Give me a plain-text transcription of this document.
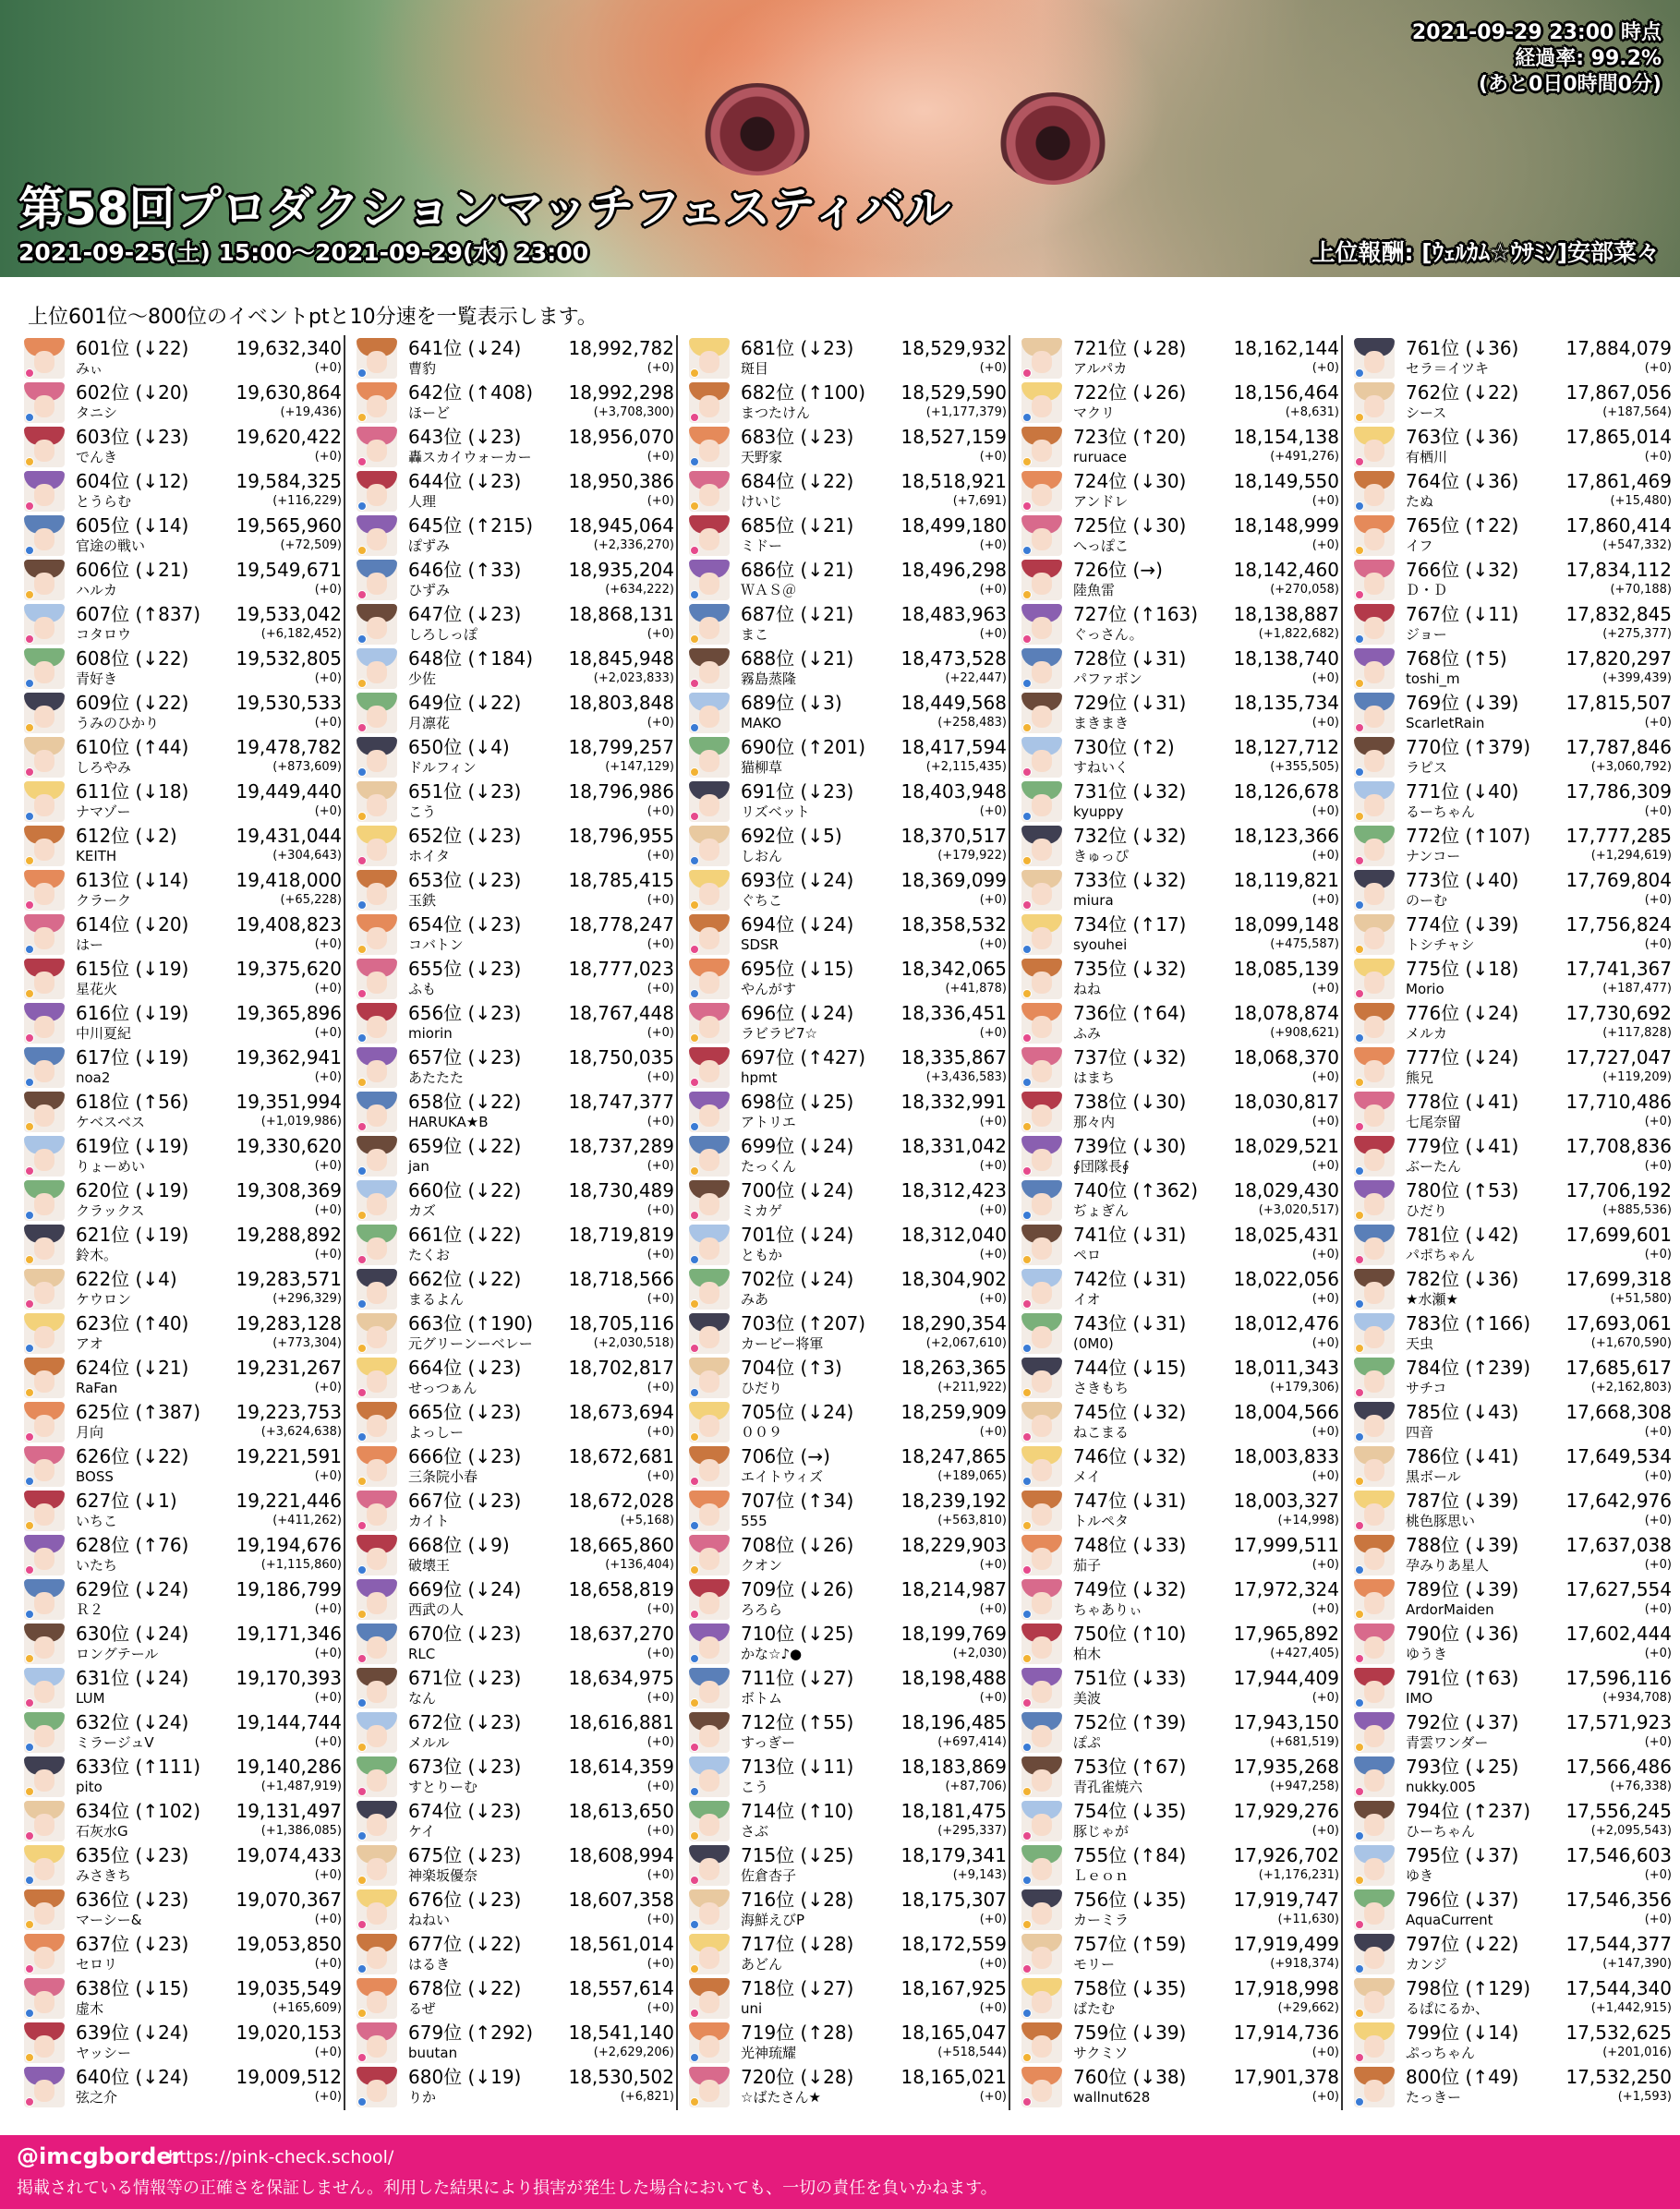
2021-09-29 23:00 時点
経過率: 99.2%
(あと0日0時間0分)
第58回プロダクションマッチフェスティバル
2021-09-25(土) 15:00〜2021-09-29(水) 23:00	上位報酬: [ｳｪﾙｶﾑ☆ｳｻﾐﾝ]安部菜々
上位601位〜800位のイベントptと10分速を一覧表示します。
601位 (↓22)	19,632,340
みぃ	(+0)
602位 (↓20)	19,630,864
タニシ	(+19,436)
603位 (↓23)	19,620,422
でんき	(+0)
604位 (↓12)	19,584,325
とうらむ	(+116,229)
605位 (↓14)	19,565,960
官途の戦い	(+72,509)
606位 (↓21)	19,549,671
ハルカ	(+0)
607位 (↑837) 19,533,042
コタロウ	(+6,182,452)
608位 (↓22)	19,532,805
青好き	(+0)
609位 (↓22)	19,530,533
うみのひかり	(+0)
610位 (↑44)	19,478,782
しろやみ	(+873,609)
611位 (↓18)	19,449,440
ナマゾー	(+0)
612位 (↓2)	19,431,044
KEITH	(+304,643)
613位 (↓14)	19,418,000
クラーク	(+65,228)
614位 (↓20)	19,408,823
はー	(+0)
615位 (↓19)	19,375,620
星花火	(+0)
616位 (↓19)	19,365,896
中川夏紀	(+0)
617位 (↓19)	19,362,941
noa2	(+0)
618位 (↑56)	19,351,994
ケベスベス	(+1,019,986)
619位 (↓19)	19,330,620
りょーめい	(+0)
620位 (↓19)	19,308,369
クラックス	(+0)
621位 (↓19)	19,288,892
鈴木。	(+0)
622位 (↓4)	19,283,571
ケウロン	(+296,329)
623位 (↑40)	19,283,128
アオ	(+773,304)
624位 (↓21)	19,231,267
RaFan	(+0)
625位 (↑387) 19,223,753
月向	(+3,624,638)
626位 (↓22)	19,221,591
BOSS	(+0)
627位 (↓1)	19,221,446
いちこ	(+411,262)
628位 (↑76)	19,194,676
いたち	(+1,115,860)
629位 (↓24)	19,186,799
Ｒ２	(+0)
630位 (↓24)	19,171,346
ロングテール	(+0)
631位 (↓24)	19,170,393
LUM	(+0)
632位 (↓24)	19,144,744
ミラージュV	(+0)
633位 (↑111) 19,140,286
pito	(+1,487,919)
634位 (↑102) 19,131,497
石灰水G	(+1,386,085)
635位 (↓23)	19,074,433
みさきち	(+0)
636位 (↓23)	19,070,367
マーシー&	(+0)
637位 (↓23)	19,053,850
セロリ	(+0)
638位 (↓15)	19,035,549
虚木	(+165,609)
639位 (↓24)	19,020,153
ヤッシー	(+0)
640位 (↓24)	19,009,512
弦之介	(+0)
641位 (↓24)	18,992,782
曹豹	(+0)
642位 (↑408) 18,992,298
ほーど	(+3,708,300)
643位 (↓23)	18,956,070
轟スカイウォーカー	(+0)
644位 (↓23)	18,950,386
人理	(+0)
645位 (↑215) 18,945,064
ぽずみ	(+2,336,270)
646位 (↑33)	18,935,204
ひずみ	(+634,222)
647位 (↓23)	18,868,131
しろしっぽ	(+0)
648位 (↑184) 18,845,948
少佐	(+2,023,833)
649位 (↓22)	18,803,848
月凛花	(+0)
650位 (↓4)	18,799,257
ドルフィン	(+147,129)
651位 (↓23)	18,796,986
こう	(+0)
652位 (↓23)	18,796,955
ホイタ	(+0)
653位 (↓23)	18,785,415
玉鉄	(+0)
654位 (↓23)	18,778,247
コバトン	(+0)
655位 (↓23)	18,777,023
ふも	(+0)
656位 (↓23)	18,767,448
miorin	(+0)
657位 (↓23)	18,750,035
あたたた	(+0)
658位 (↓22)	18,747,377
HARUKA★B	(+0)
659位 (↓22)	18,737,289
jan	(+0)
660位 (↓22)	18,730,489
カズ	(+0)
661位 (↓22)	18,719,819
たくお	(+0)
662位 (↓22)	18,718,566
まるよん	(+0)
663位 (↑190) 18,705,116
元グリーンーベレー	(+2,030,518)
664位 (↓23)	18,702,817
せっつぁん	(+0)
665位 (↓23)	18,673,694
よっしー	(+0)
666位 (↓23)	18,672,681
三条院小春	(+0)
667位 (↓23)	18,672,028
カイト	(+5,168)
668位 (↓9)	18,665,860
破壊王	(+136,404)
669位 (↓24)	18,658,819
西武の人	(+0)
670位 (↓23)	18,637,270
RLC	(+0)
671位 (↓23)	18,634,975
なん	(+0)
672位 (↓23)	18,616,881
メルル	(+0)
673位 (↓23)	18,614,359
すとりーむ	(+0)
674位 (↓23)	18,613,650
ケイ	(+0)
675位 (↓23)	18,608,994
神楽坂優奈	(+0)
676位 (↓23)	18,607,358
ねねい	(+0)
677位 (↓22)	18,561,014
はるき	(+0)
678位 (↓22)	18,557,614
るぜ	(+0)
679位 (↑292) 18,541,140
buutan	(+2,629,206)
680位 (↓19)	18,530,502
りか	(+6,821)
681位 (↓23)	18,529,932
斑目	(+0)
682位 (↑100) 18,529,590
まつたけん	(+1,177,379)
683位 (↓23)	18,527,159
天野家	(+0)
684位 (↓22)	18,518,921
けいじ	(+7,691)
685位 (↓21)	18,499,180
ミドー	(+0)
686位 (↓21)	18,496,298
ＷＡＳ＠	(+0)
687位 (↓21)	18,483,963
まこ	(+0)
688位 (↓21)	18,473,528
霧島蒸隆	(+22,447)
689位 (↓3)	18,449,568
MAKO	(+258,483)
690位 (↑201) 18,417,594
猫柳草	(+2,115,435)
691位 (↓23)	18,403,948
リズベット	(+0)
692位 (↓5)	18,370,517
しおん	(+179,922)
693位 (↓24)	18,369,099
ぐちこ	(+0)
694位 (↓24)	18,358,532
SDSR	(+0)
695位 (↓15)	18,342,065
やんがす	(+41,878)
696位 (↓24)	18,336,451
ラビラビ7☆	(+0)
697位 (↑427) 18,335,867
hpmt	(+3,436,583)
698位 (↓25)	18,332,991
アトリエ	(+0)
699位 (↓24)	18,331,042
たっくん	(+0)
700位 (↓24)	18,312,423
ミカゲ	(+0)
701位 (↓24)	18,312,040
ともか	(+0)
702位 (↓24)	18,304,902
みあ	(+0)
703位 (↑207) 18,290,354
カービー将軍	(+2,067,610)
704位 (↑3)	18,263,365
ひだり	(+211,922)
705位 (↓24)	18,259,909
００９	(+0)
706位 (→)	18,247,865
エイトウィズ	(+189,065)
707位 (↑34)	18,239,192
555	(+563,810)
708位 (↓26)	18,229,903
クオン	(+0)
709位 (↓26)	18,214,987
ろろら	(+0)
710位 (↓25)	18,199,769
かな☆♪●	(+2,030)
711位 (↓27)	18,198,488
ボトム	(+0)
712位 (↑55)	18,196,485
すっぎー	(+697,414)
713位 (↓11)	18,183,869
こう	(+87,706)
714位 (↑10)	18,181,475
さぶ	(+295,337)
715位 (↓25)	18,179,341
佐倉杏子	(+9,143)
716位 (↓28)	18,175,307
海鮮えびP	(+0)
717位 (↓28)	18,172,559
あどん	(+0)
718位 (↓27)	18,167,925
uni	(+0)
719位 (↑28)	18,165,047
光神琉耀	(+518,544)
720位 (↓28)	18,165,021
☆ばたさん★	(+0)
721位 (↓28)	18,162,144
アルパカ	(+0)
722位 (↓26)	18,156,464
マクリ	(+8,631)
723位 (↑20)	18,154,138
ruruace	(+491,276)
724位 (↓30)	18,149,550
アンドレ	(+0)
725位 (↓30)	18,148,999
へっぽこ	(+0)
726位 (→)	18,142,460
陸魚雷	(+270,058)
727位 (↑163) 18,138,887
ぐっさん。	(+1,822,682)
728位 (↓31)	18,138,740
パファボン	(+0)
729位 (↓31)	18,135,734
まきまき	(+0)
730位 (↑2)	18,127,712
すねいく	(+355,505)
731位 (↓32)	18,126,678
kyuppy	(+0)
732位 (↓32)	18,123,366
きゅっぴ	(+0)
733位 (↓32)	18,119,821
miura	(+0)
734位 (↑17)	18,099,148
syouhei	(+475,587)
735位 (↓32)	18,085,139
ねね	(+0)
736位 (↑64)	18,078,874
ふみ	(+908,621)
737位 (↓32)	18,068,370
はまち	(+0)
738位 (↓30)	18,030,817
那々内	(+0)
739位 (↓30)	18,029,521
∮団隊長∮	(+0)
740位 (↑362) 18,029,430
ぢょぎん	(+3,020,517)
741位 (↓31)	18,025,431
ペロ	(+0)
742位 (↓31)	18,022,056
イオ	(+0)
743位 (↓31)	18,012,476
(0M0)	(+0)
744位 (↓15)	18,011,343
さきもち	(+179,306)
745位 (↓32)	18,004,566
ねこまる	(+0)
746位 (↓32)	18,003,833
メイ	(+0)
747位 (↓31)	18,003,327
トルペタ	(+14,998)
748位 (↓33)	17,999,511
茄子	(+0)
749位 (↓32)	17,972,324
ちゃありぃ	(+0)
750位 (↑10)	17,965,892
柏木	(+427,405)
751位 (↓33)	17,944,409
美波	(+0)
752位 (↑39)	17,943,150
ぽぷ	(+681,519)
753位 (↑67)	17,935,268
青孔雀焼六	(+947,258)
754位 (↓35)	17,929,276
豚じゃが	(+0)
755位 (↑84)	17,926,702
Ｌｅｏｎ	(+1,176,231)
756位 (↓35)	17,919,747
カーミラ	(+11,630)
757位 (↑59)	17,919,499
モリー	(+918,374)
758位 (↓35)	17,918,998
ばたむ	(+29,662)
759位 (↓39)	17,914,736
サクミソ	(+0)
760位 (↓38)	17,901,378
wallnut628	(+0)
761位 (↓36)	17,884,079
セラ＝イツキ	(+0)
762位 (↓22)	17,867,056
シース	(+187,564)
763位 (↓36)	17,865,014
有栖川	(+0)
764位 (↓36)	17,861,469
たぬ	(+15,480)
765位 (↑22)	17,860,414
イフ	(+547,332)
766位 (↓32)	17,834,112
Ｄ・Ｄ	(+70,188)
767位 (↓11)	17,832,845
ジョー	(+275,377)
768位 (↑5)	17,820,297
toshi_m	(+399,439)
769位 (↓39)	17,815,507
ScarletRain	(+0)
770位 (↑379) 17,787,846
ラピス	(+3,060,792)
771位 (↓40)	17,786,309
るーちゃん	(+0)
772位 (↑107) 17,777,285
ナンコー	(+1,294,619)
773位 (↓40)	17,769,804
のーむ	(+0)
774位 (↓39)	17,756,824
トシチャシ	(+0)
775位 (↓18)	17,741,367
Morio	(+187,477)
776位 (↓24)	17,730,692
メルカ	(+117,828)
777位 (↓24)	17,727,047
熊兄	(+119,209)
778位 (↓41)	17,710,486
七尾奈留	(+0)
779位 (↓41)	17,708,836
ぶーたん	(+0)
780位 (↑53)	17,706,192
ひだり	(+885,536)
781位 (↓42)	17,699,601
パポちゃん	(+0)
782位 (↓36)	17,699,318
★水瀬★	(+51,580)
783位 (↑166) 17,693,061
天虫	(+1,670,590)
784位 (↑239) 17,685,617
サチコ	(+2,162,803)
785位 (↓43)	17,668,308
四音	(+0)
786位 (↓41)	17,649,534
黒ボール	(+0)
787位 (↓39)	17,642,976
桃色豚思い	(+0)
788位 (↓39)	17,637,038
孕みりあ星人	(+0)
789位 (↓39)	17,627,554
ArdorMaiden	(+0)
790位 (↓36)	17,602,444
ゆうき	(+0)
791位 (↑63)	17,596,116
IMO	(+934,708)
792位 (↓37)	17,571,923
青雲ワンダー	(+0)
793位 (↓25)	17,566,486
nukky.005	(+76,338)
794位 (↑237) 17,556,245
ひーちゃん	(+2,095,543)
795位 (↓37)	17,546,603
ゆき	(+0)
796位 (↓37)	17,546,356
AquaCurrent	(+0)
797位 (↓22)	17,544,377
カンジ	(+147,390)
798位 (↑129) 17,544,340
るぱにるか、	(+1,442,915)
799位 (↓14)	17,532,625
ぷっちゃん	(+201,016)
800位 (↑49)	17,532,250
たっきー	(+1,593)
@imcgborder
https://pink-check.school/
掲載されている情報等の正確さを保証しません。利用した結果により損害が発生した場合においても、一切の責任を負いかねます。
